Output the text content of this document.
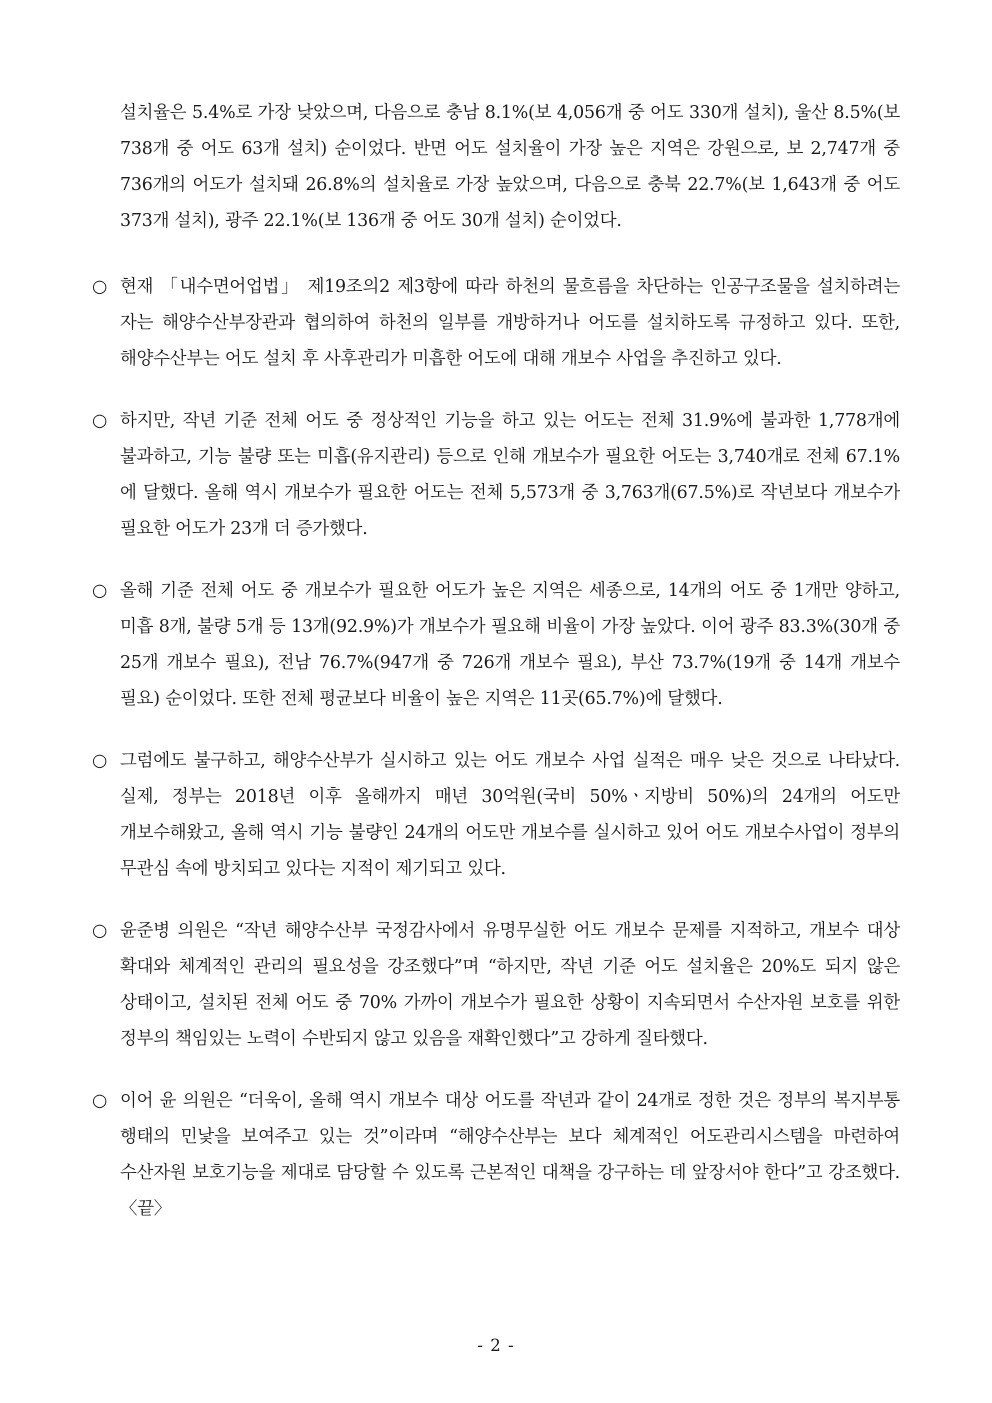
설치율은 5.4%로 가장 낮았으며, 다음으로 충남 8.1%(보 4,056개 중 어도 330개 설치), 울산 8.5%(보 738개 중 어도 63개 설치) 순이었다. 반면 어도 설치율이 가장 높은 지역은 강원으로, 보 2,747개 중 736개의 어도가 설치돼 26.8%의 설치율로 가장 높았으며, 다음으로 충북 22.7%(보 1,643개 중 어도 373개 설치), 광주 22.1%(보 136개 중 어도 30개 설치) 순이었다.
○ 현재 「내수면어업법」 제19조의2 제3항에 따라 하천의 물흐름을 차단하는 인공구조물을 설치하려는 자는 해양수산부장관과 협의하여 하천의 일부를 개방하거나 어도를 설치하도록 규정하고 있다. 또한, 해양수산부는 어도 설치 후 사후관리가 미흡한 어도에 대해 개보수 사업을 추진하고 있다.
○ 하지만, 작년 기준 전체 어도 중 정상적인 기능을 하고 있는 어도는 전체 31.9%에 불과한 1,778개에 불과하고, 기능 불량 또는 미흡(유지관리) 등으로 인해 개보수가 필요한 어도는 3,740개로 전체 67.1%에 달했다. 올해 역시 개보수가 필요한 어도는 전체 5,573개 중 3,763개(67.5%)로 작년보다 개보수가 필요한 어도가 23개 더 증가했다.
○ 올해 기준 전체 어도 중 개보수가 필요한 어도가 높은 지역은 세종으로, 14개의 어도 중 1개만 양하고, 미흡 8개, 불량 5개 등 13개(92.9%)가 개보수가 필요해 비율이 가장 높았다. 이어 광주 83.3%(30개 중 25개 개보수 필요), 전남 76.7%(947개 중 726개 개보수 필요), 부산 73.7%(19개 중 14개 개보수 필요) 순이었다. 또한 전체 평균보다 비율이 높은 지역은 11곳(65.7%)에 달했다.
○ 그럼에도 불구하고, 해양수산부가 실시하고 있는 어도 개보수 사업 실적은 매우 낮은 것으로 나타났다. 실제, 정부는 2018년 이후 올해까지 매년 30억원(국비 50%ㆍ지방비 50%)의 24개의 어도만 개보수해왔고, 올해 역시 기능 불량인 24개의 어도만 개보수를 실시하고 있어 어도 개보수사업이 정부의 무관심 속에 방치되고 있다는 지적이 제기되고 있다.
○ 윤준병 의원은 “작년 해양수산부 국정감사에서 유명무실한 어도 개보수 문제를 지적하고, 개보수 대상 확대와 체계적인 관리의 필요성을 강조했다”며 “하지만, 작년 기준 어도 설치율은 20%도 되지 않은 상태이고, 설치된 전체 어도 중 70% 가까이 개보수가 필요한 상황이 지속되면서 수산자원 보호를 위한 정부의 책임있는 노력이 수반되지 않고 있음을 재확인했다”고 강하게 질타했다.
○ 이어 윤 의원은 “더욱이, 올해 역시 개보수 대상 어도를 작년과 같이 24개로 정한 것은 정부의 복지부통 행태의 민낯을 보여주고 있는 것”이라며 “해양수산부는 보다 체계적인 어도관리시스템을 마련하여 수산자원 보호기능을 제대로 담당할 수 있도록 근본적인 대책을 강구하는 데 앞장서야 한다”고 강조했다. 〈끝〉
- 2 -
